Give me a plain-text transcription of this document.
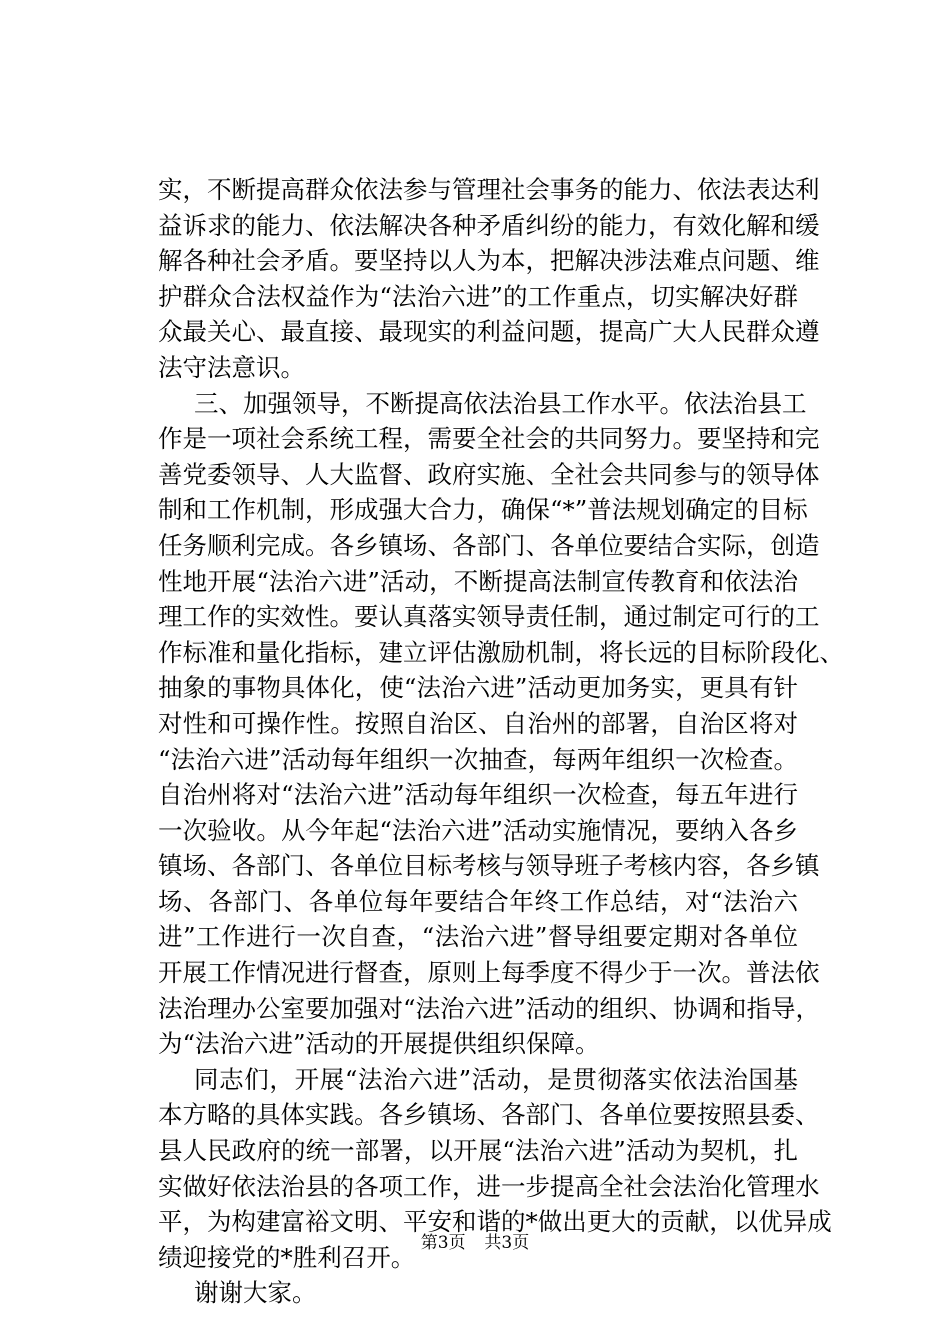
实，不断提高群众依法参与管理社会事务的能力、依法表达利
益诉求的能力、依法解决各种矛盾纠纷的能力，有效化解和缓
解各种社会矛盾。要坚持以人为本，把解决涉法难点问题、维
护群众合法权益作为“法治六进”的工作重点，切实解决好群
众最关心、最直接、最现实的利益问题，提高广大人民群众遵
法守法意识。
三、加强领导，不断提高依法治县工作水平。依法治县工
作是一项社会系统工程，需要全社会的共同努力。要坚持和完
善党委领导、人大监督、政府实施、全社会共同参与的领导体
制和工作机制，形成强大合力，确保“*”普法规划确定的目标
任务顺利完成。各乡镇场、各部门、各单位要结合实际，创造
性地开展“法治六进”活动，不断提高法制宣传教育和依法治
理工作的实效性。要认真落实领导责任制，通过制定可行的工
作标准和量化指标，建立评估激励机制，将长远的目标阶段化、
抽象的事物具体化，使“法治六进”活动更加务实，更具有针
对性和可操作性。按照自治区、自治州的部署，自治区将对
“法治六进”活动每年组织一次抽查，每两年组织一次检查。
自治州将对“法治六进”活动每年组织一次检查，每五年进行
一次验收。从今年起“法治六进”活动实施情况，要纳入各乡
镇场、各部门、各单位目标考核与领导班子考核内容，各乡镇
场、各部门、各单位每年要结合年终工作总结，对“法治六
进”工作进行一次自查，“法治六进”督导组要定期对各单位
开展工作情况进行督查，原则上每季度不得少于一次。普法依
法治理办公室要加强对“法治六进”活动的组织、协调和指导，
为“法治六进”活动的开展提供组织保障。
同志们，开展“法治六进”活动，是贯彻落实依法治国基
本方略的具体实践。各乡镇场、各部门、各单位要按照县委、
县人民政府的统一部署，以开展“法治六进”活动为契机，扎
实做好依法治县的各项工作，进一步提高全社会法治化管理水
平，为构建富裕文明、平安和谐的*做出更大的贡献，以优异成
绩迎接党的*胜利召开。
谢谢大家。
第3页 共3页
